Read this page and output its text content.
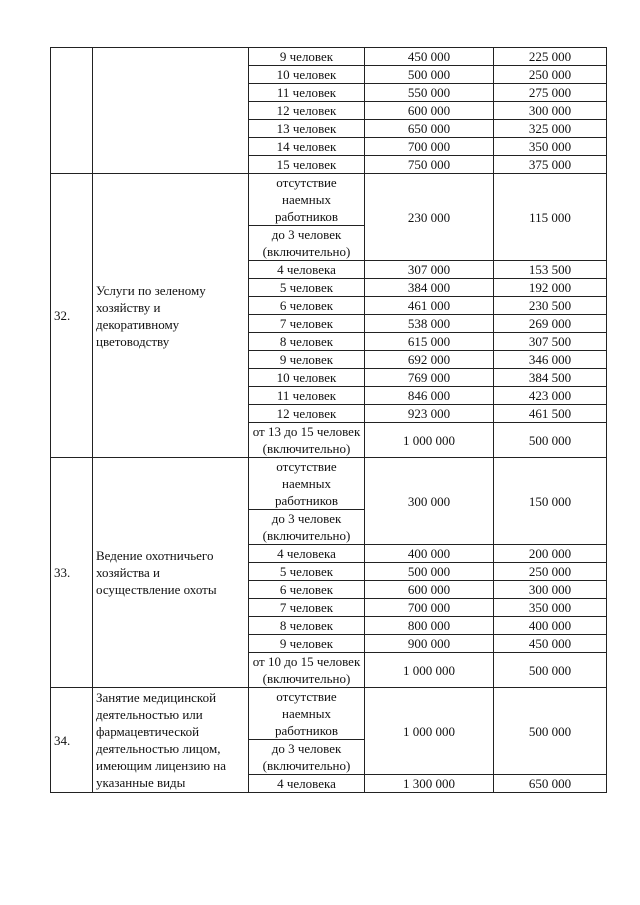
		9 человек	450 000	225 000
		10 человек	500 000	250 000
		11 человек	550 000	275 000
		12 человек	600 000	300 000
		13 человек	650 000	325 000
		14 человек	700 000	350 000
		15 человек	750 000	375 000
32.	Услуги по зеленому хозяйству и декоративному цветоводству	отсутствие наемных работников	230 000	115 000
		до 3 человек (включительно)		
		4 человека	307 000	153 500
		5 человек	384 000	192 000
		6 человек	461 000	230 500
		7 человек	538 000	269 000
		8 человек	615 000	307 500
		9 человек	692 000	346 000
		10 человек	769 000	384 500
		11 человек	846 000	423 000
		12 человек	923 000	461 500
		от 13 до 15 человек (включительно)	1 000 000	500 000
33.	Ведение охотничьего хозяйства и осуществление охоты	отсутствие наемных работников	300 000	150 000
		до 3 человек (включительно)		
		4 человека	400 000	200 000
		5 человек	500 000	250 000
		6 человек	600 000	300 000
		7 человек	700 000	350 000
		8 человек	800 000	400 000
		9 человек	900 000	450 000
		от 10 до 15 человек (включительно)	1 000 000	500 000
34.	Занятие медицинской деятельностью или фармацевтической деятельностью лицом, имеющим лицензию на указанные виды	отсутствие наемных работников	1 000 000	500 000
		до 3 человек (включительно)		
		4 человека	1 300 000	650 000
